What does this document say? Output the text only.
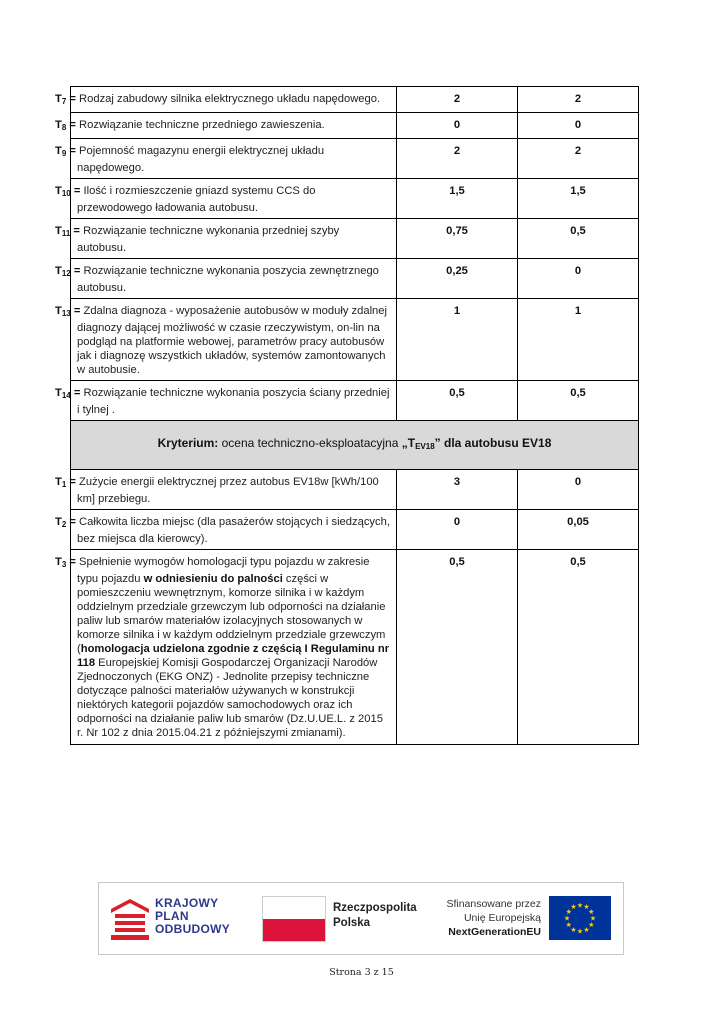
$T_7$ = Rodzaj zabudowy silnika elektrycznego układu napędowego.	2	2
$T_8$ = Rozwiązanie techniczne przedniego zawieszenia.	0	0
$T_9$ = Pojemność magazynu energii elektrycznej układu napędowego.	2	2
$T_{10}$ = Ilość i rozmieszczenie gniazd systemu CCS do przewodowego ładowania autobusu.	1,5	1,5
$T_{11}$ = Rozwiązanie techniczne wykonania przedniej szyby autobusu.	0,75	0,5
$T_{12}$ = Rozwiązanie techniczne wykonania poszycia zewnętrznego autobusu.	0,25	0
$T_{13} = Zdalna$ diagnoza - wyposażenie autobusów w moduły zdalnej diagnozy dającej możliwość w czasie rzeczywistym, on-lin na podgląd na platformie webowej, parametrów pracy autobusów jak i diagnozę wszystkich układów, systemów zamontowanych w autobusie.	1	1
$T_{14}$ = Rozwiązanie techniczne wykonania poszycia ściany przedniej i tylnej .	0,5	0,5
Kryterium: ocena techniczno-eksploatacyjna „TEV18” dla autobusu EV18		
$T_1$ = Zużycie energii elektrycznej przez autobus EV18w [kWh/100 km] przebiegu.	3	0
$T_2$ = Całkowita liczba miejsc (dla pasażerów stojących i siedzących, bez miejsca dla kierowcy).	0	0,05
$T_3$ = Spełnienie wymogów homologacji typu pojazdu w zakresie typu pojazdu w odniesieniu do palności części w pomieszczeniu wewnętrznym, komorze silnika i w każdym oddzielnym przedziale grzewczym lub odporności na działanie paliw lub smarów materiałów izolacyjnych stosowanych w komorze silnika i w każdym oddzielnym przedziale grzewczym (homologacja udzielona zgodnie z częścią I Regulaminu nr 118 Europejskiej Komisji Gospodarczej Organizacji Narodów Zjednoczonych (EKG ONZ) - Jednolite przepisy techniczne dotyczące palności materiałów używanych w konstrukcji niektórych kategorii pojazdów samochodowych oraz ich odporności na działanie paliw lub smarów (Dz.U.UE.L. z 2015 r. Nr 102 z dnia 2015.04.21 z późniejszymi zmianami).	0,5	0,5
KRAJOWY
PLAN
ODBUDOWY
Rzeczpospolita
Polska
Sfinansowane przez
Unię Europejską
NextGenerationEU
★
★
★
★
★
★
★
★
★ ★ ★
★
Strona 3 z 15
